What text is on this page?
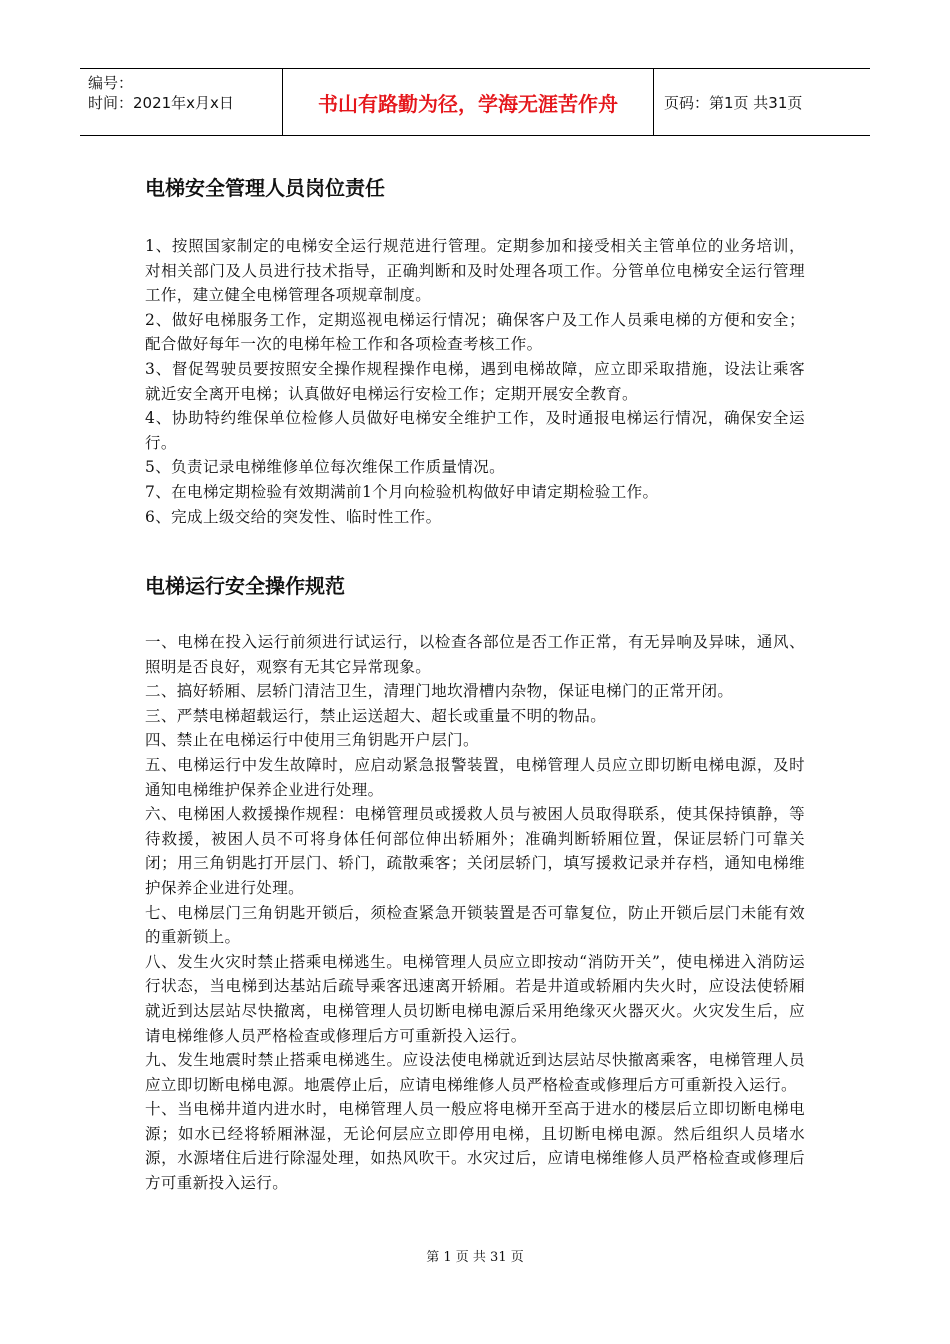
编号：
时间：2021年x月x日	书山有路勤为径，学海无涯苦作舟	页码：第1页 共31页
电梯安全管理人员岗位责任

1、按照国家制定的电梯安全运行规范进行管理。定期参加和接受相关主管单位的业务培训，对相关部门及人员进行技术指导，正确判断和及时处理各项工作。分管单位电梯安全运行管理工作，建立健全电梯管理各项规章制度。

2、做好电梯服务工作，定期巡视电梯运行情况；确保客户及工作人员乘电梯的方便和安全；配合做好每年一次的电梯年检工作和各项检查考核工作。

3、督促驾驶员要按照安全操作规程操作电梯，遇到电梯故障，应立即采取措施，设法让乘客就近安全离开电梯；认真做好电梯运行安检工作；定期开展安全教育。

4、协助特约维保单位检修人员做好电梯安全维护工作，及时通报电梯运行情况，确保安全运行。

5、负责记录电梯维修单位每次维保工作质量情况。

7、在电梯定期检验有效期满前1个月向检验机构做好申请定期检验工作。

6、完成上级交给的突发性、临时性工作。

电梯运行安全操作规范

一、电梯在投入运行前须进行试运行，以检查各部位是否工作正常，有无异响及异味，通风、照明是否良好，观察有无其它异常现象。

二、搞好轿厢、层轿门清洁卫生，清理门地坎滑槽内杂物，保证电梯门的正常开闭。

三、严禁电梯超载运行，禁止运送超大、超长或重量不明的物品。

四、禁止在电梯运行中使用三角钥匙开户层门。

五、电梯运行中发生故障时，应启动紧急报警装置，电梯管理人员应立即切断电梯电源，及时通知电梯维护保养企业进行处理。

六、电梯困人救援操作规程：电梯管理员或援救人员与被困人员取得联系，使其保持镇静，等待救援，被困人员不可将身体任何部位伸出轿厢外；准确判断轿厢位置，保证层轿门可靠关闭；用三角钥匙打开层门、轿门，疏散乘客；关闭层轿门，填写援救记录并存档，通知电梯维护保养企业进行处理。

七、电梯层门三角钥匙开锁后，须检查紧急开锁装置是否可靠复位，防止开锁后层门未能有效的重新锁上。

八、发生火灾时禁止搭乘电梯逃生。电梯管理人员应立即按动“消防开关”，使电梯进入消防运行状态，当电梯到达基站后疏导乘客迅速离开轿厢。若是井道或轿厢内失火时，应设法使轿厢就近到达层站尽快撤离，电梯管理人员切断电梯电源后采用绝缘灭火器灭火。火灾发生后，应请电梯维修人员严格检查或修理后方可重新投入运行。

九、发生地震时禁止搭乘电梯逃生。应设法使电梯就近到达层站尽快撤离乘客，电梯管理人员应立即切断电梯电源。地震停止后，应请电梯维修人员严格检查或修理后方可重新投入运行。

十、当电梯井道内进水时，电梯管理人员一般应将电梯开至高于进水的楼层后立即切断电梯电源；如水已经将轿厢淋湿，无论何层应立即停用电梯，且切断电梯电源。然后组织人员堵水源，水源堵住后进行除湿处理，如热风吹干。水灾过后，应请电梯维修人员严格检查或修理后方可重新投入运行。

第 1 页 共 31 页
